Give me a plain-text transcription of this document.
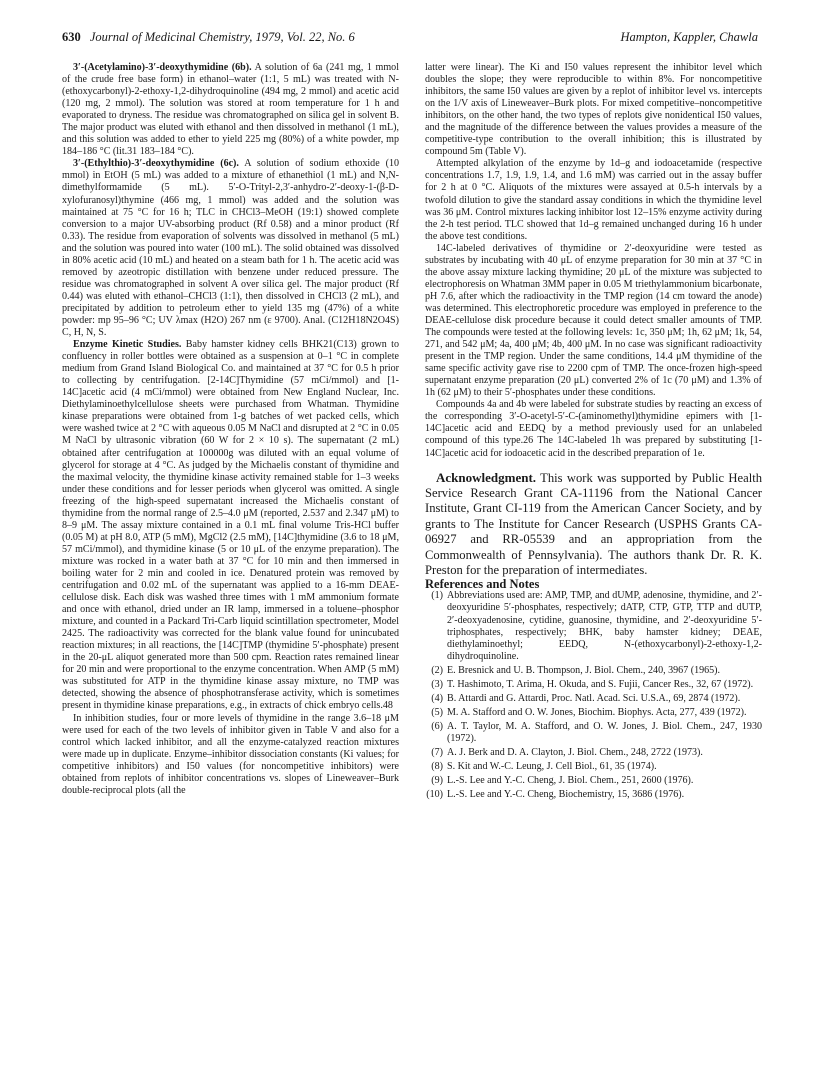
630 Journal of Medicinal Chemistry, 1979, Vol. 22, No. 6	Hampton, Kappler, Chawla

3′-(Acetylamino)-3′-deoxythymidine (6b). A solution of 6a (241 mg, 1 mmol of the crude free base form) in ethanol–water (1:1, 5 mL) was treated with N-(ethoxycarbonyl)-2-ethoxy-1,2-dihydroquinoline (494 mg, 2 mmol) and acetic acid (120 mg, 2 mmol). The solution was stored at room temperature for 1 h and evaporated to dryness. The residue was chromatographed on silica gel in solvent B. The major product was eluted with ethanol and then dissolved in methanol (1 mL), and this solution was added to ether to yield 225 mg (80%) of a white powder, mp 184–186 °C (lit.31 183–184 °C).

3′-(Ethylthio)-3′-deoxythymidine (6c). A solution of sodium ethoxide (10 mmol) in EtOH (5 mL) was added to a mixture of ethanethiol (1 mL) and N,N-dimethylformamide (5 mL). 5′-O-Trityl-2,3′-anhydro-2′-deoxy-1-(β-D-xylofuranosyl)thymine (466 mg, 1 mmol) was added and the solution was maintained at 75 °C for 16 h; TLC in CHCl3–MeOH (19:1) showed complete conversion to a major UV-absorbing product (Rf 0.58) and a minor product (Rf 0.33). The residue from evaporation of solvents was dissolved in methanol (5 mL) and the solution was poured into water (100 mL). The solid obtained was dissolved in 80% acetic acid (10 mL) and heated on a steam bath for 1 h. The acetic acid was removed by azeotropic distillation with benzene under reduced pressure. The residue was chromatographed in solvent A over silica gel. The major product (Rf 0.44) was eluted with ethanol–CHCl3 (1:1), then dissolved in CHCl3 (2 mL), and precipitated by addition to petroleum ether to yield 135 mg (47%) of a white powder: mp 95–96 °C; UV λmax (H2O) 267 nm (ε 9700). Anal. (C12H18N2O4S) C, H, N, S.

Enzyme Kinetic Studies. Baby hamster kidney cells BHK21(C13) grown to confluency in roller bottles were obtained as a suspension at 0–1 °C in complete medium from Grand Island Biological Co. and maintained at 37 °C for 0.5 h prior to collecting by centrifugation. [2-14C]Thymidine (57 mCi/mmol) and [1-14C]acetic acid (4 mCi/mmol) were obtained from New England Nuclear, Inc. Diethylaminoethylcellulose sheets were purchased from Whatman. Thymidine kinase preparations were obtained from 1-g batches of wet packed cells, which were washed twice at 2 °C with aqueous 0.05 M NaCl and disrupted at 2 °C in 0.05 M NaCl by ultrasonic vibration (60 W for 2 × 10 s). The supernatant (2 mL) obtained after centrifugation at 100000g was diluted with an equal volume of glycerol for storage at 4 °C. As judged by the Michaelis constant of thymidine and the maximal velocity, the thymidine kinase activity remained stable for 1–3 weeks under these conditions and for lesser periods when glycerol was omitted. A single freezing of the high-speed supernatant increased the Michaelis constant of thymidine from the normal range of 2.5–4.0 μM (reported, 2.537 and 2.347 μM) to 8–9 μM. The assay mixture contained in a 0.1 mL final volume Tris-HCl buffer (0.05 M) at pH 8.0, ATP (5 mM), MgCl2 (2.5 mM), [14C]thymidine (3.6 to 18 μM, 57 mCi/mmol), and thymidine kinase (5 or 10 μL of the enzyme preparation). The mixture was rocked in a water bath at 37 °C for 10 min and then immersed in boiling water for 2 min and cooled in ice. Denatured protein was removed by centrifugation and 0.02 mL of the supernatant was applied to a 16-mm DEAE-cellulose disk. Each disk was washed three times with 1 mM ammonium formate and once with ethanol, dried under an IR lamp, immersed in a toluene–phosphor mixture, and counted in a Packard Tri-Carb liquid scintillation spectrometer, Model 2425. The radioactivity was corrected for the blank value found for unincubated reaction mixtures; in all reactions, the [14C]TMP (thymidine 5′-phosphate) present in the 20-μL aliquot generated more than 500 cpm. Reaction rates remained linear for 20 min and were proportional to the enzyme concentration. When AMP (5 mM) was substituted for ATP in the thymidine kinase assay mixture, no TMP was detected, showing the absence of phosphotransferase activity, which is sometimes present in thymidine kinase preparations, e.g., in extracts of chick embryo cells.48

In inhibition studies, four or more levels of thymidine in the range 3.6–18 μM were used for each of the two levels of inhibitor given in Table V and also for a control which lacked inhibitor, and all the enzyme-catalyzed reaction mixtures were made up in duplicate. Enzyme–inhibitor dissociation constants (Ki values; for competitive inhibitors) and I50 values (for noncompetitive inhibitors) were obtained from replots of inhibitor concentrations vs. slopes of Lineweaver–Burk double-reciprocal plots (all the

latter were linear). The Ki and I50 values represent the inhibitor level which doubles the slope; they were reproducible to within 8%. For noncompetitive inhibitors, the same I50 values are given by a replot of inhibitor level vs. intercepts on the 1/V axis of Lineweaver–Burk plots. For mixed competitive–noncompetitive inhibitors, on the other hand, the two types of replots give nonidentical I50 values, and the magnitude of the difference between the values provides a measure of the competitive-type contribution to the overall inhibition; this is illustrated by compound 5m (Table V).

Attempted alkylation of the enzyme by 1d–g and iodoacetamide (respective concentrations 1.7, 1.9, 1.9, 1.4, and 1.6 mM) was carried out in the assay buffer for 2 h at 0 °C. Aliquots of the mixtures were assayed at 0.5-h intervals by a twofold dilution to give the standard assay conditions in which the thymidine level was 36 μM. Control mixtures lacking inhibitor lost 12–15% enzyme activity during the 2-h test period. TLC showed that 1d–g remained unchanged during 16 h under the above test conditions.

14C-labeled derivatives of thymidine or 2′-deoxyuridine were tested as substrates by incubating with 40 μL of enzyme preparation for 30 min at 37 °C in the above assay mixture lacking thymidine; 20 μL of the mixture was subjected to electrophoresis on Whatman 3MM paper in 0.05 M triethylammonium bicarbonate, pH 7.6, after which the radioactivity in the TMP region (14 cm toward the anode) was determined. This electrophoretic procedure was employed in preference to the DEAE-cellulose disk procedure because it could detect smaller amounts of TMP. The compounds were tested at the following levels: 1c, 350 μM; 1h, 62 μM; 1k, 54, 271, and 542 μM; 4a, 400 μM; 4b, 400 μM. In no case was significant radioactivity present in the TMP region. Under the same conditions, 14.4 μM thymidine of the same specific activity gave rise to 2200 cpm of TMP. The once-frozen high-speed supernatant enzyme preparation (20 μL) converted 2% of 1c (70 μM) and 1.3% of 1h (62 μM) to their 5′-phosphates under these conditions.

Compounds 4a and 4b were labeled for substrate studies by reacting an excess of the corresponding 3′-O-acetyl-5′-C-(aminomethyl)thymidine epimers with [1-14C]acetic acid and EEDQ by a method previously used for an unlabeled compound of this type.26 The 14C-labeled 1h was prepared by substituting [1-14C]acetic acid for iodoacetic acid in the described preparation of 1e.

Acknowledgment. This work was supported by Public Health Service Research Grant CA-11196 from the National Cancer Institute, Grant CI-119 from the American Cancer Society, and by grants to The Institute for Cancer Research (USPHS Grants CA-06927 and RR-05539 and an appropriation from the Commonwealth of Pennsylvania). The authors thank Dr. R. K. Preston for the preparation of intermediates.

References and Notes

(1) Abbreviations used are: AMP, TMP, and dUMP, adenosine, thymidine, and 2′-deoxyuridine 5′-phosphates, respectively; dATP, CTP, GTP, TTP and dUTP, 2′-deoxyadenosine, cytidine, guanosine, thymidine, and 2′-deoxyuridine 5′-triphosphates, respectively; BHK, baby hamster kidney; DEAE, diethylaminoethyl; EEDQ, N-(ethoxycarbonyl)-2-ethoxy-1,2-dihydroquinoline.
(2) E. Bresnick and U. B. Thompson, J. Biol. Chem., 240, 3967 (1965).
(3) T. Hashimoto, T. Arima, H. Okuda, and S. Fujii, Cancer Res., 32, 67 (1972).
(4) B. Attardi and G. Attardi, Proc. Natl. Acad. Sci. U.S.A., 69, 2874 (1972).
(5) M. A. Stafford and O. W. Jones, Biochim. Biophys. Acta, 277, 439 (1972).
(6) A. T. Taylor, M. A. Stafford, and O. W. Jones, J. Biol. Chem., 247, 1930 (1972).
(7) A. J. Berk and D. A. Clayton, J. Biol. Chem., 248, 2722 (1973).
(8) S. Kit and W.-C. Leung, J. Cell Biol., 61, 35 (1974).
(9) L.-S. Lee and Y.-C. Cheng, J. Biol. Chem., 251, 2600 (1976).
(10) L.-S. Lee and Y.-C. Cheng, Biochemistry, 15, 3686 (1976).
